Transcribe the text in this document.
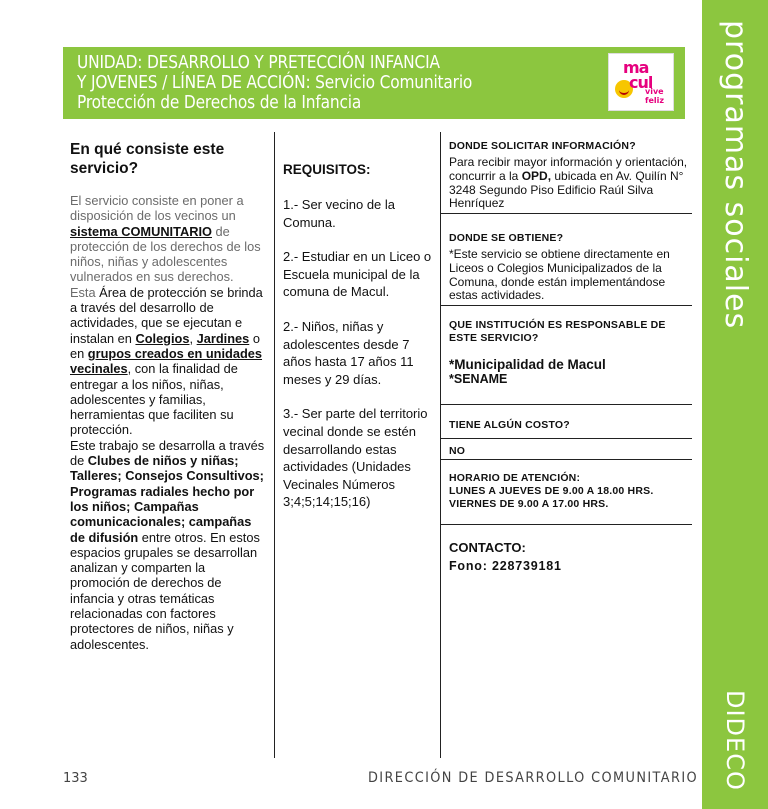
programas sociales
DIDECO
UNIDAD: DESARROLLO Y PRETECCIÓN INFANCIA
Y JOVENES / LÍNEA DE ACCIÓN: Servicio Comunitario
Protección de Derechos de la Infancia
ma
cul
vive
feliz
En qué consiste este servicio?

El servicio consiste en poner a disposición de los vecinos un sistema COMUNITARIO de protección de los derechos de los niños, niñas y adolescentes vulnerados en sus derechos.
Esta Área de protección se brinda a través del desarrollo de actividades, que se ejecutan e instalan en Colegios, Jardines o en grupos creados en unidades vecinales, con la finalidad de entregar a los niños, niñas, adolescentes y familias, herramientas que faciliten su protección.
Este trabajo se desarrolla a través de Clubes de niños y niñas; Talleres; Consejos Consultivos; Programas radiales hecho por los niños; Campañas comunicacionales; campañas de difusión entre otros. En estos espacios grupales se desarrollan analizan y comparten la promoción de derechos de infancia y otras temáticas relacionadas con factores protectores de niños, niñas y adolescentes.

REQUISITOS:

1.- Ser vecino de la Comuna.

2.- Estudiar en un Liceo o Escuela municipal de la comuna de Macul.

2.- Niños, niñas y adolescentes desde 7 años hasta 17 años 11 meses y 29 días.

3.- Ser parte del territorio vecinal donde se estén desarrollando estas actividades (Unidades Vecinales Números 3;4;5;14;15;16)

DONDE SOLICITAR INFORMACIÓN?
Para recibir mayor información y orientación, concurrir a la OPD, ubicada en Av. Quilín N° 3248 Segundo Piso Edificio Raúl Silva Henríquez
DONDE SE OBTIENE?
*Este servicio se obtiene directamente en Liceos o Colegios Municipalizados de la Comuna, donde están implementándose estas actividades.
QUE INSTITUCIÓN ES RESPONSABLE DE ESTE SERVICIO?
*Municipalidad de Macul
*SENAME
TIENE ALGÚN COSTO?
NO
HORARIO DE ATENCIÓN:
LUNES A JUEVES DE 9.00 A 18.00 HRS.
VIERNES DE 9.00 A 17.00 HRS.
CONTACTO:
Fono: 228739181
133	DIRECCIÓN DE DESARROLLO COMUNITARIO
